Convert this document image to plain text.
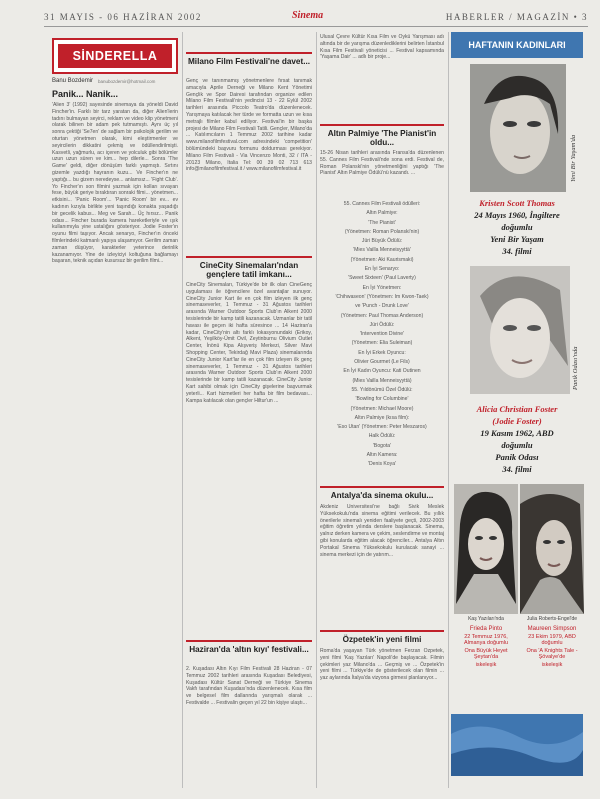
31 MAYIS - 06 HAZİRAN 2002	Sinema	HABERLER / MAGAZİN • 3
SİNDERELLA
Banu Bozdemir banubozdemir@hotmail.com
Panik... Nanik...
'Alien 3' (1992) sayesinde sinemaya da yöneldi David Fincher'in. Farklı bir tarz yaratan da, diğer Alien'lerin tadını bulmayan seyirci, reklam ve video klip yönetmeni olarak bilinen bir adam pek tutmamıştı. Aynı üç yıl sonra çektiği 'Se7en' de sağlam bir psikolojik gerilim ve oturtan yönetmen olarak, kimi eleştirmenler ve seyircilerin dikkatini çekmiş ve ödüllendirilmişti. Kasvetli, yağmurlu, acı içeren ve yolculuk gibi bölümler uzun uzun süren ve kim... hep dilerle... Sonra 'The Game' geldi, diğer dönüşüm farklı yapmıştı. Sırtını gizemle yazdığı hayranın kuzu... Ve Fincher'ın ne yaptığı... bu gizem neredeyse... anlamsız... 'Fight Club'. Yo Fincher'ın son filmini yazmak için kolları sıvayan fese, büyük geriye bıraktıran sonraki filmi... yönetmen... etkisini... 'Panic Room'... 'Panic Room' bir ev... ev kadının kızıyla birlikte yeni taşındığı konakta yaşadığı bir gecelik kabus... Meg ve Sarah... Üç hırsız... Panik odası... Fincher burada kamera hareketleriyle ve ışık kullanımıyla yine ustalığını gösteriyor. Jodie Foster'ın oyunu filmi taşıyor. Ancak senaryo, Fincher'ın önceki filmlerindeki katmanlı yapıya ulaşamıyor. Gerilim zaman zaman düşüyor, karakterler yeterince derinlik kazanamıyor. Yine de izleyiciyi koltuğuna bağlamayı başaran, teknik açıdan kusursuz bir gerilim filmi...
Milano Film Festivali'ne davet...
Genç ve tanınmamış yönetmenlere fırsat tanımak amacıyla Aprile Derneği ve Milano Kent Yönetimi Gençlik ve Spor Dairesi tarafından organize edilen Milano Film Festivali'nin yedincisi 13 - 22 Eylül 2002 tarihleri arasında Piccolo Teatro'da düzenlenecek. Yarışmaya katılacak her türde ve formatta uzun ve kısa metrajlı filmler kabul ediliyor. Festival'in bir başka projesi de Milano Film Festivali Tatili. Gençler, Milano'da ... Katılımcıların 1 Temmuz 2002 tarihine kadar www.milanofilmfestival.com adresindeki 'competition' bölümündeki başvuru formunu doldurması gerekiyor. Milano Film Festivali - Via Vincenzo Monti, 32 / ITA - 20123 Milano, Italia Tel: 00 39 02 713 613 info@milanofilmfestival.it / www.milanofilmfestival.it
CineCity Sinemaları'ndan gençlere tatil imkanı...
CineCity Sinemaları, Türkiye'de bir ilk olan CineGenç uygulaması ile öğrencilere özel avantajlar sunuyor. CineCity Junior Kart ile en çok film izleyen ilk genç sinemaseverler, 1 Temmuz - 31 Ağustos tarihleri arasında Warner Outdoor Sports Club'ın Alkent 2000 tesislerinde bir kamp tatili kazanacak. Uzmanlar bir tatil havası ile geçen iki hafta süresince ... 14 Haziran'a kadar, CineCity'nin altı farklı lokasyonundaki (Erikoy, Alkent, Yeşilköy-Ümit Ovil, Zeytinburnu Olivium Outlet Center, İnönü Kipa Alışveriş Merkezi, Silver Mavi Shopping Center, Tekirdağ Mavi Plaza) sinemalarında CineCity Junior Kart'lar ile en çok film izleyen ilk genç sinemaseverler, 1 Temmuz - 31 Ağustos tarihleri arasında Warner Outdoor Sports Club'ın Alkent 2000 tesislerinde bir kamp tatili kazanacak. CineCity Junior Kart sahibi olmak için CineCity gişelerine başvurmak yeterli... Kart hizmetleri her hafta bir film bedavası... Kampa katılacak olan gençler Hiltur'un ...
Haziran'da 'altın kıyı' festivali...
2. Kuşadası Altın Kıyı Film Festivali 28 Haziran - 07 Temmuz 2002 tarihleri arasında Kuşadası Belediyesi, Kuşadası Kültür Sanat Derneği ve Türkiye Sinema Vakfı tarafından Kuşadası'nda düzenlenecek. Kısa film ve belgesel film dallarında yarışmalı olarak ... Festivalde ... Festivalin geçen yıl 22 bin kişiye ulaştı...
Ulusal Çevre Kültür Kısa Film ve Öykü Yarışması adı altında bir de yarışma düzenlediklerini belirten İstanbul Kısa Film Festivali yöneticisi ... Festival kapsamında 'Yaşama Dair' ... adlı bir proje...
Altın Palmiye 'The Pianist'in oldu...
15-26 Nisan tarihleri arasında Fransa'da düzenlenen 55. Cannes Film Festivali'nde sona erdi. Festival de, Roman Polanski'nin yönetmenliğini yaptığı 'The Pianist' Altın Palmiye Ödülü'nü kazandı. ...
55. Cannes Film Festivali ödülleri:
Altın Palmiye:
'The Pianist'
(Yönetmen: Roman Polanski'nin)
Jüri Büyük Ödülü:
'Mies Vailla Menneisyyttä'
(Yönetmen: Aki Kaurismaki)
En İyi Senaryo:
'Sweet Sixteen' (Paul Laverty)
En İyi Yönetmen:
'Chihwaseon' (Yönetmen: Im Kwon-Taek)
ve 'Punch - Drunk Love'
(Yönetmen: Paul Thomas Anderson)
Jüri Ödülü:
'Intervention Divine'
(Yönetmen: Elia Suleiman)
En İyi Erkek Oyuncu:
Olivier Gourmet (Le Fils)
En İyi Kadın Oyuncu: Kati Outinen
(Mies Vailla Menneisyyttä)
55. Yıldönümü Özel Ödülü:
'Bowling for Columbine'
(Yönetmen: Michael Moore)
Altın Palmiye (kısa film):
'Eso Utan' (Yönetmen: Peter Meszaros)
Halk Ödülü:
'Bogota'
Altın Kamera:
'Denis Koya'
Antalya'da sinema okulu...
Akdeniz Üniversitesi'ne bağlı Sivik Meslek Yüksekokulu'nda sinema eğitimi verilecek. Bu yıllık önerilerle sinemalı yeniden faaliyete geçti, 2002-2003 eğitim öğretim yılında derslere başlanacak. Sinema, yalnız derken kamera ve çekim, seslendirme ve montaj gibi konularda eğitim alacak öğrenciler... Antalya Altın Portakal Sinema Yüksekokulu kurulacak sanayi ... sinema merkezi için de yatırım...
Özpetek'in yeni filmi
Roma'da yaşayan Türk yönetmen Ferzan Özpetek, yeni filmi 'Kaş Yazıları' Napoli'de başlayacak. Filmin çekimleri yaz Milano'da ... Geçmiş ve ... Özpetek'in yeni filmi ... Türkiye'de de gösterilecek olan filmin ... yaz aylarında İtalya'da vizyona girmesi planlanıyor...
HAFTANIN KADINLARI
Yeni Bir Yaşam'da
Kristen Scott Thomas
24 Mayıs 1960, İngiltere
doğumlu
Yeni Bir Yaşam
34. filmi
Panik Odası'nda
Alicia Christian Foster
(Jodie Foster)
19 Kasım 1962, ABD
doğumlu
Panik Odası
34. filmi
Kaş Yazıları'nda	Julia Roberts-Engel'de
Frieda Pinto
22 Temmuz 1976, Almanya doğumlu
Ona Büyük Heyet Şeytan'da
iskeleşik
Maureen Simpson
23 Ekim 1979, ABD doğumlu
Ona 'A Knights Tale - Şövalye'de
iskeleşik
